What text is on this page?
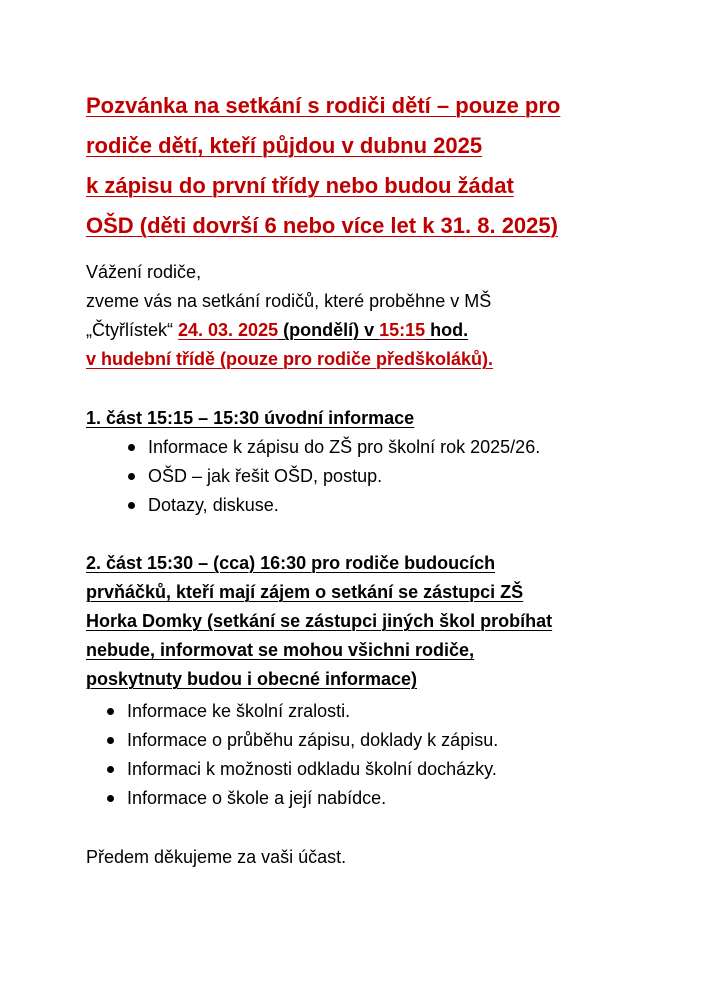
Pozvánka na setkání s rodiči dětí – pouze pro
rodiče dětí, kteří půjdou v dubnu 2025
k zápisu do první třídy nebo budou žádat
OŠD (děti dovrší 6 nebo více let k 31. 8. 2025)

Vážení rodiče,

zveme vás na setkání rodičů, které proběhne v MŠ
„Čtyřlístek“ 24. 03. 2025 (pondělí) v 15:15 hod.
v hudební třídě (pouze pro rodiče předškoláků).

1. část 15:15 – 15:30 úvodní informace

Informace k zápisu do ZŠ pro školní rok 2025/26.
OŠD – jak řešit OŠD, postup.
Dotazy, diskuse.

2. část 15:30 – (cca) 16:30 pro rodiče budoucích
prvňáčků, kteří mají zájem o setkání se zástupci ZŠ
Horka Domky (setkání se zástupci jiných škol probíhat
nebude, informovat se mohou všichni rodiče,
poskytnuty budou i obecné informace)

Informace ke školní zralosti.
Informace o průběhu zápisu, doklady k zápisu.
Informaci k možnosti odkladu školní docházky.
Informace o škole a její nabídce.

Předem děkujeme za vaši účast.
